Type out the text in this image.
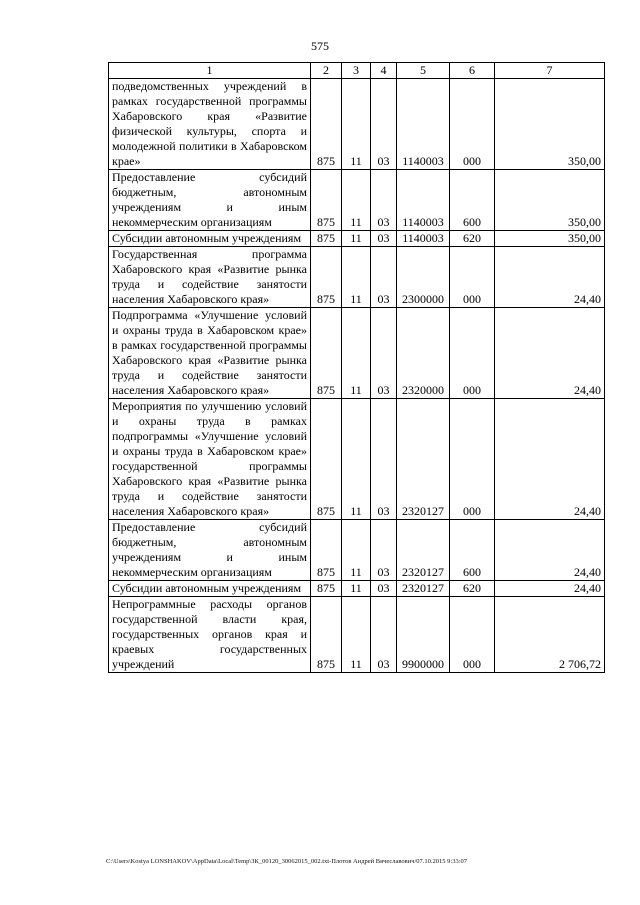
575
1	2	3	4	5	6	7
подведомственных учреждений в рамках государственной программы Хабаровского края «Развитие физической культуры, спорта и молодежной политики в Хабаровском крае»	875	11	03	1140003	000	350,00
Предоставление субсидий бюджетным, автономным учреждениям и иным некоммерческим организациям	875	11	03	1140003	600	350,00
Субсидии автономным учреждениям	875	11	03	1140003	620	350,00
Государственная программа Хабаровского края «Развитие рынка труда и содействие занятости населения Хабаровского края»	875	11	03	2300000	000	24,40
Подпрограмма «Улучшение условий и охраны труда в Хабаровском крае» в рамках государственной программы Хабаровского края «Развитие рынка труда и содействие занятости населения Хабаровского края»	875	11	03	2320000	000	24,40
Мероприятия по улучшению условий и охраны труда в рамках подпрограммы «Улучшение условий и охраны труда в Хабаровском крае» государственной программы Хабаровского края «Развитие рынка труда и содействие занятости населения Хабаровского края»	875	11	03	2320127	000	24,40
Предоставление субсидий бюджетным, автономным учреждениям и иным некоммерческим организациям	875	11	03	2320127	600	24,40
Субсидии автономным учреждениям	875	11	03	2320127	620	24,40
Непрограммные расходы органов государственной власти края, государственных органов края и краевых государственных учреждений	875	11	03	9900000	000	2 706,72
C:\Users\Kostya LONSHAKOV\AppData\Local\Temp\ЗК_00120_30062015_002.txt-Плотов Андрей Вячеславович/07.10.2015 9:33:07
